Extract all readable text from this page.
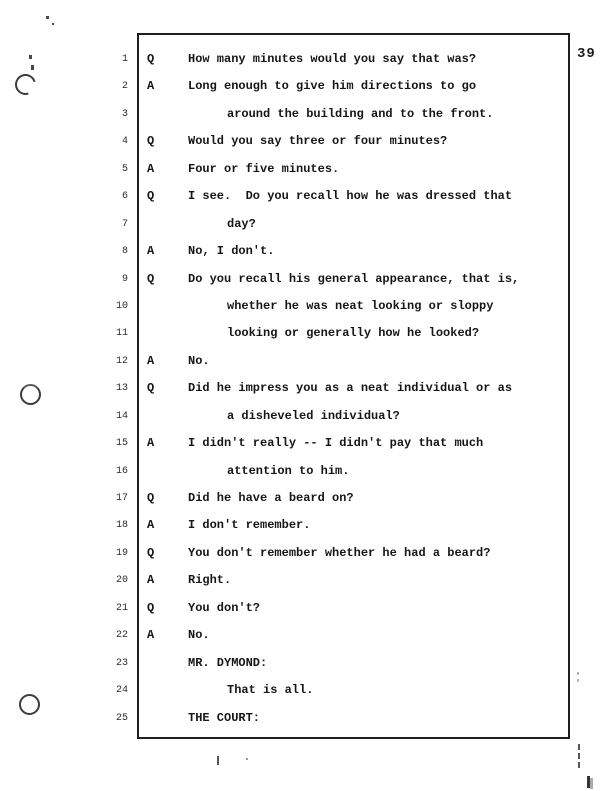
39
1 Q	How many minutes would you say that was?
2 A	Long enough to give him directions to go
3	around the building and to the front.
4 Q	Would you say three or four minutes?
5 A	Four or five minutes.
6 Q	I see.  Do you recall how he was dressed that
7	day?
8 A	No, I don't.
9 Q	Do you recall his general appearance, that is,
10	whether he was neat looking or sloppy
11	looking or generally how he looked?
12 A	No.
13 Q	Did he impress you as a neat individual or as
14	a disheveled individual?
15 A	I didn't really -- I didn't pay that much
16	attention to him.
17 Q	Did he have a beard on?
18 A	I don't remember.
19 Q	You don't remember whether he had a beard?
20 A	Right.
21 Q	You don't?
22 A	No.
23	MR. DYMOND:
24	That is all.
25	THE COURT:
